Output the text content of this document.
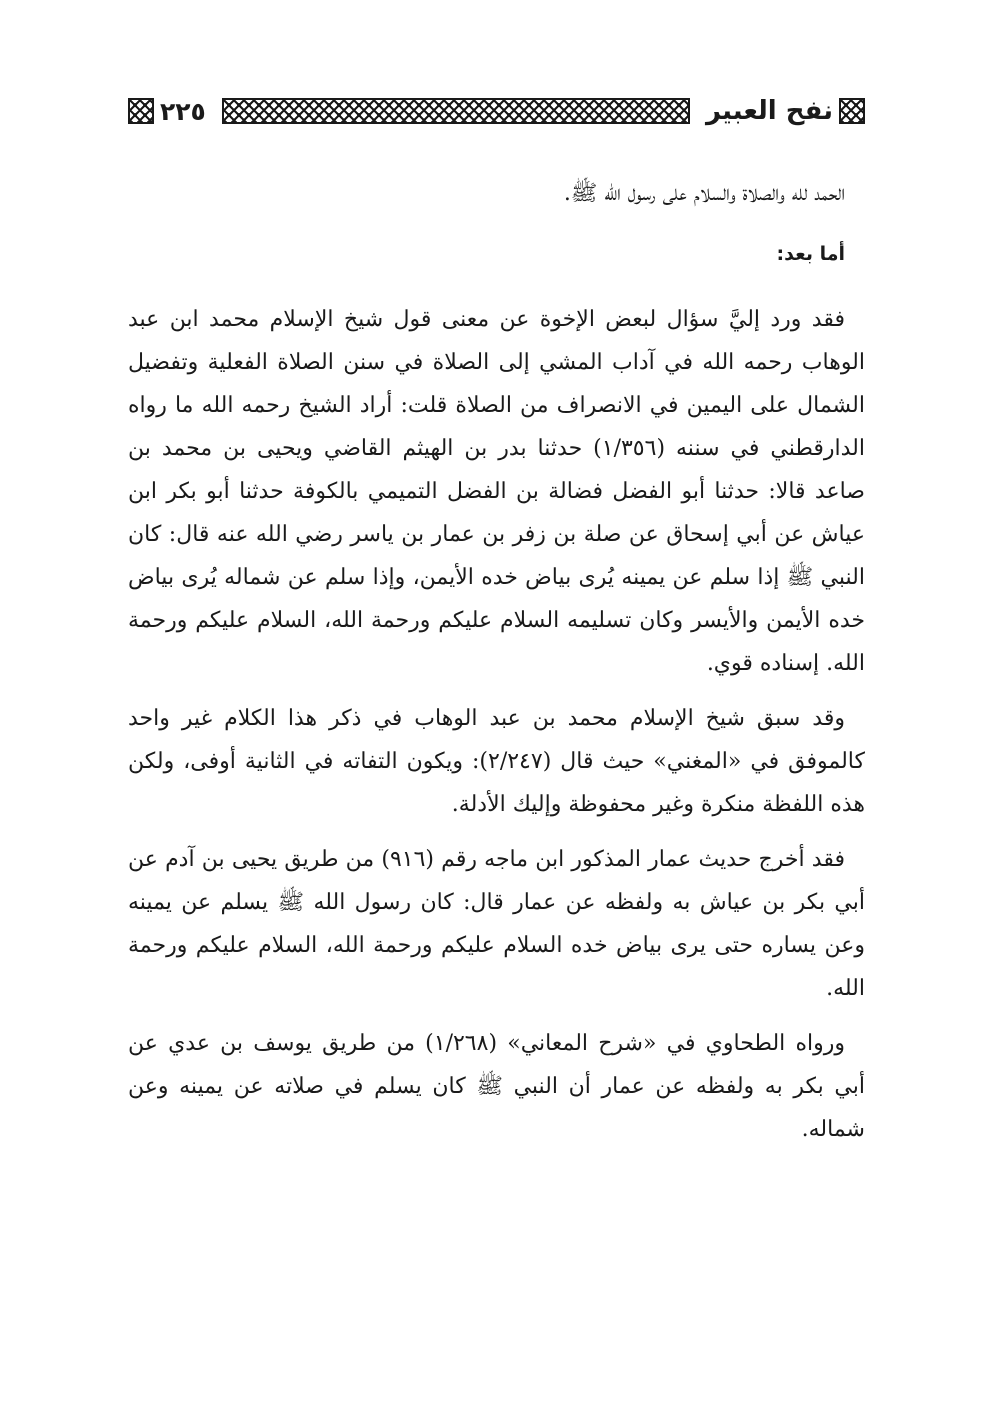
٢٢٥	نفح العبير

الحمد لله والصلاة والسلام على رسول الله ﷺ.

أما بعد:

فقد ورد إليَّ سؤال لبعض الإخوة عن معنى قول شيخ الإسلام محمد ابن عبد الوهاب رحمه الله في آداب المشي إلى الصلاة في سنن الصلاة الفعلية وتفضيل الشمال على اليمين في الانصراف من الصلاة قلت: أراد الشيخ رحمه الله ما رواه الدارقطني في سننه (١/٣٥٦) حدثنا بدر بن الهيثم القاضي ويحيى بن محمد بن صاعد قالا: حدثنا أبو الفضل فضالة بن الفضل التميمي بالكوفة حدثنا أبو بكر ابن عياش عن أبي إسحاق عن صلة بن زفر بن عمار بن ياسر رضي الله عنه قال: كان النبي ﷺ إذا سلم عن يمينه يُرى بياض خده الأيمن، وإذا سلم عن شماله يُرى بياض خده الأيمن والأيسر وكان تسليمه السلام عليكم ورحمة الله، السلام عليكم ورحمة الله. إسناده قوي.

وقد سبق شيخ الإسلام محمد بن عبد الوهاب في ذكر هذا الكلام غير واحد كالموفق في «المغني» حيث قال (٢/٢٤٧): ويكون التفاته في الثانية أوفى، ولكن هذه اللفظة منكرة وغير محفوظة وإليك الأدلة.

فقد أخرج حديث عمار المذكور ابن ماجه رقم (٩١٦) من طريق يحيى بن آدم عن أبي بكر بن عياش به ولفظه عن عمار قال: كان رسول الله ﷺ يسلم عن يمينه وعن يساره حتى يرى بياض خده السلام عليكم ورحمة الله، السلام عليكم ورحمة الله.

ورواه الطحاوي في «شرح المعاني» (١/٢٦٨) من طريق يوسف بن عدي عن أبي بكر به ولفظه عن عمار أن النبي ﷺ كان يسلم في صلاته عن يمينه وعن شماله.
